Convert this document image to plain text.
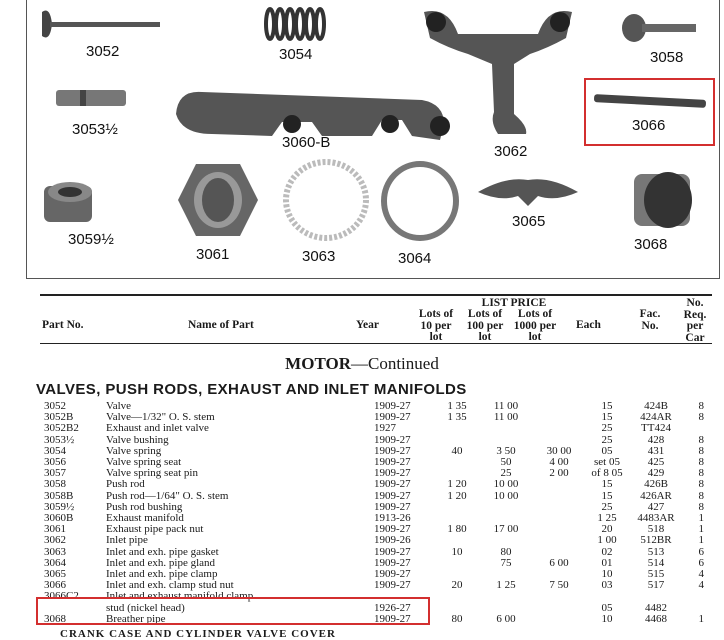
3052	3054
3062
3058
3053½
3060-B
3066
3059½
3061	3063	3064
3065
3068
LIST PRICE
Part No.	Name of Part	Year
Lots of 10 per lot
Lots of 100 per lot
Lots of 1000 per lot
Each
Fac. No.
No. Req. per Car
MOTOR—Continued
VALVES, PUSH RODS, EXHAUST AND INLET MANIFOLDS
3052	Valve	1909-27	1 35	11 00		15	424B	8
3052B	Valve—1/32" O. S. stem	1909-27	1 35	11 00		15	424AR	8
3052B2	Exhaust and inlet valve	1927				25	TT424	
3053½	Valve bushing	1909-27				25	428	8
3054	Valve spring	1909-27	40	3 50	30 00	05	431	8
3056	Valve spring seat	1909-27		50	4 00	set 05	425	8
3057	Valve spring seat pin	1909-27		25	2 00	of 8 05	429	8
3058	Push rod	1909-27	1 20	10 00		15	426B	8
3058B	Push rod—1/64" O. S. stem	1909-27	1 20	10 00		15	426AR	8
3059½	Push rod bushing	1909-27				25	427	8
3060B	Exhaust manifold	1913-26				1 25	4483AR	1
3061	Exhaust pipe pack nut	1909-27	1 80	17 00		20	518	1
3062	Inlet pipe	1909-26				1 00	512BR	1
3063	Inlet and exh. pipe gasket	1909-27	10	80		02	513	6
3064	Inlet and exh. pipe gland	1909-27		75	6 00	01	514	6
3065	Inlet and exh. pipe clamp	1909-27				10	515	4
3066	Inlet and exh. clamp stud nut	1909-27	20	1 25	7 50	03	517	4
3066C2	Inlet and exhaust manifold clamp							
	stud (nickel head)	1926-27				05	4482	
3068	Breather pipe	1909-27	80	6 00		10	4468	1
CRANK CASE AND CYLINDER VALVE COVER
